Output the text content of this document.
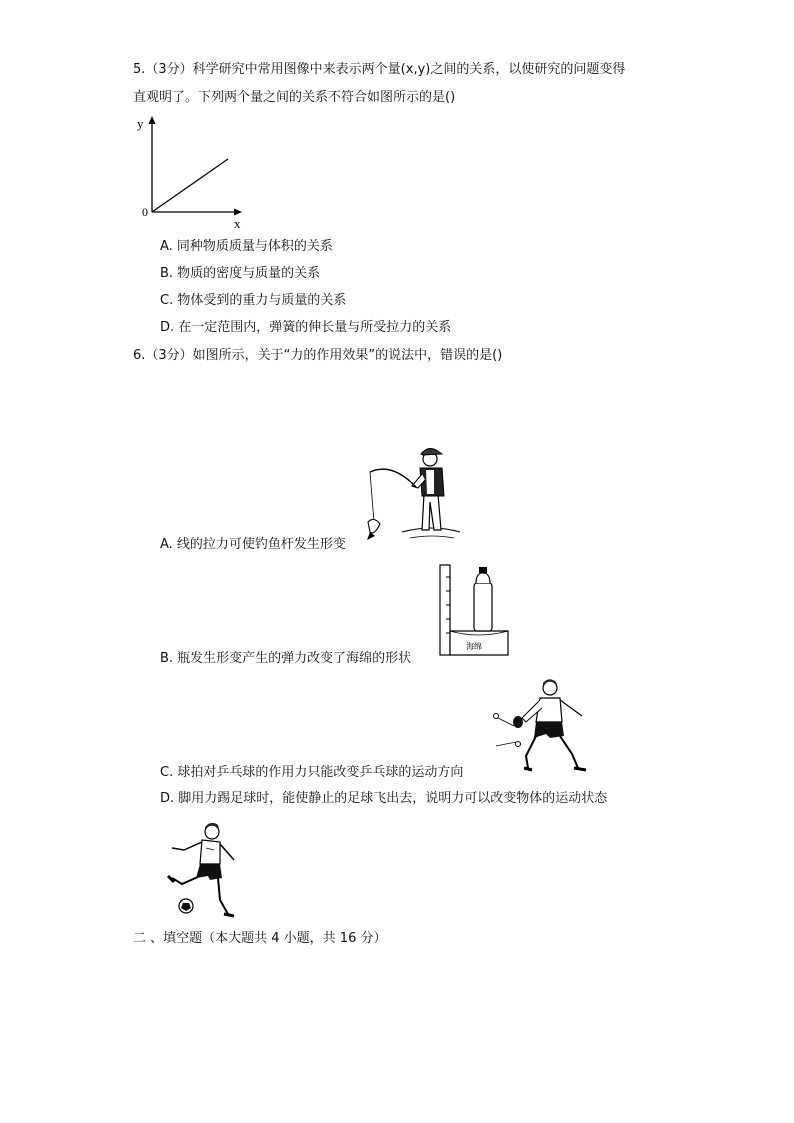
5.（3分）科学研究中常用图像中来表示两个量(x,y)之间的关系，以使研究的问题变得
直观明了。下列两个量之间的关系不符合如图所示的是()
y
x
0
A. 同种物质质量与体积的关系
B. 物质的密度与质量的关系
C. 物体受到的重力与质量的关系
D. 在一定范围内，弹簧的伸长量与所受拉力的关系
6.（3分）如图所示，关于“力的作用效果”的说法中，错误的是()
A. 线的拉力可使钓鱼杆发生形变
海绵
B. 瓶发生形变产生的弹力改变了海绵的形状
C. 球拍对乒乓球的作用力只能改变乒乓球的运动方向
D. 脚用力踢足球时，能使静止的足球飞出去，说明力可以改变物体的运动状态
二 、填空题（本大题共 4 小题，共 16 分）
